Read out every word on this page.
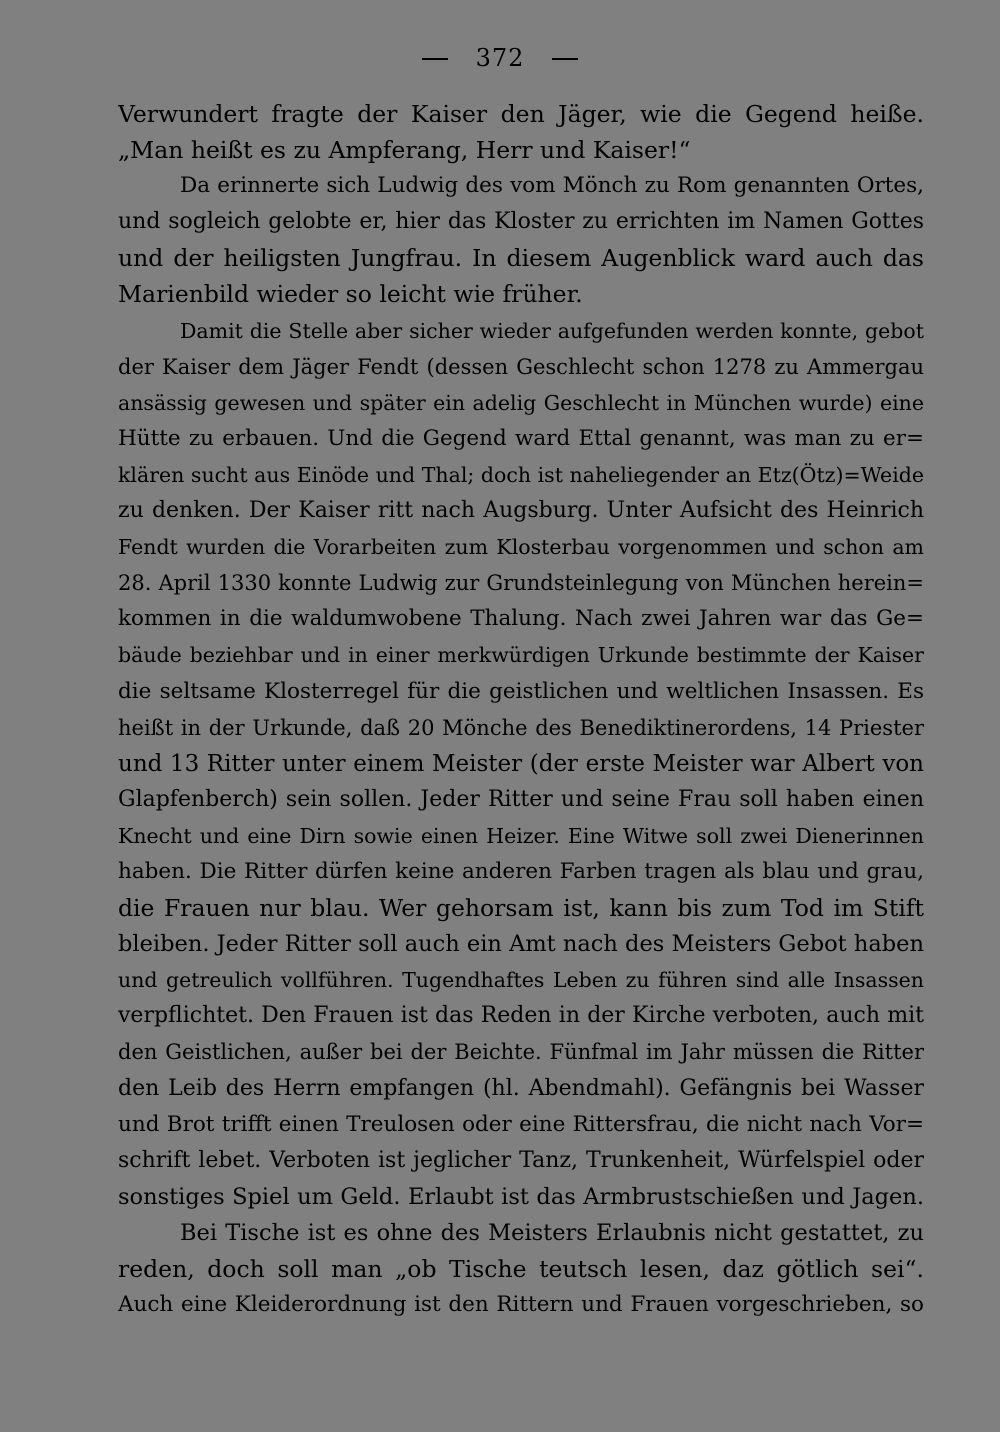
372
Verwundert fragte der Kaiser den Jäger, wie die Gegend heiße.
„Man heißt es zu Ampferang, Herr und Kaiser!“
Da erinnerte sich Ludwig des vom Mönch zu Rom genannten Ortes,
und sogleich gelobte er, hier das Kloster zu errichten im Namen Gottes
und der heiligsten Jungfrau. In diesem Augenblick ward auch das
Marienbild wieder so leicht wie früher.
Damit die Stelle aber sicher wieder aufgefunden werden konnte, gebot
der Kaiser dem Jäger Fendt (dessen Geschlecht schon 1278 zu Ammergau
ansässig gewesen und später ein adelig Geschlecht in München wurde) eine
Hütte zu erbauen. Und die Gegend ward Ettal genannt, was man zu er=
klären sucht aus Einöde und Thal; doch ist naheliegender an Etz(Ötz)=Weide
zu denken. Der Kaiser ritt nach Augsburg. Unter Aufsicht des Heinrich
Fendt wurden die Vorarbeiten zum Klosterbau vorgenommen und schon am
28. April 1330 konnte Ludwig zur Grundsteinlegung von München herein=
kommen in die waldumwobene Thalung. Nach zwei Jahren war das Ge=
bäude beziehbar und in einer merkwürdigen Urkunde bestimmte der Kaiser
die seltsame Klosterregel für die geistlichen und weltlichen Insassen. Es
heißt in der Urkunde, daß 20 Mönche des Benediktinerordens, 14 Priester
und 13 Ritter unter einem Meister (der erste Meister war Albert von
Glapfenberch) sein sollen. Jeder Ritter und seine Frau soll haben einen
Knecht und eine Dirn sowie einen Heizer. Eine Witwe soll zwei Dienerinnen
haben. Die Ritter dürfen keine anderen Farben tragen als blau und grau,
die Frauen nur blau. Wer gehorsam ist, kann bis zum Tod im Stift
bleiben. Jeder Ritter soll auch ein Amt nach des Meisters Gebot haben
und getreulich vollführen. Tugendhaftes Leben zu führen sind alle Insassen
verpflichtet. Den Frauen ist das Reden in der Kirche verboten, auch mit
den Geistlichen, außer bei der Beichte. Fünfmal im Jahr müssen die Ritter
den Leib des Herrn empfangen (hl. Abendmahl). Gefängnis bei Wasser
und Brot trifft einen Treulosen oder eine Rittersfrau, die nicht nach Vor=
schrift lebet. Verboten ist jeglicher Tanz, Trunkenheit, Würfelspiel oder
sonstiges Spiel um Geld. Erlaubt ist das Armbrustschießen und Jagen.
Bei Tische ist es ohne des Meisters Erlaubnis nicht gestattet, zu
reden, doch soll man „ob Tische teutsch lesen, daz götlich sei“.
Auch eine Kleiderordnung ist den Rittern und Frauen vorgeschrieben, so
